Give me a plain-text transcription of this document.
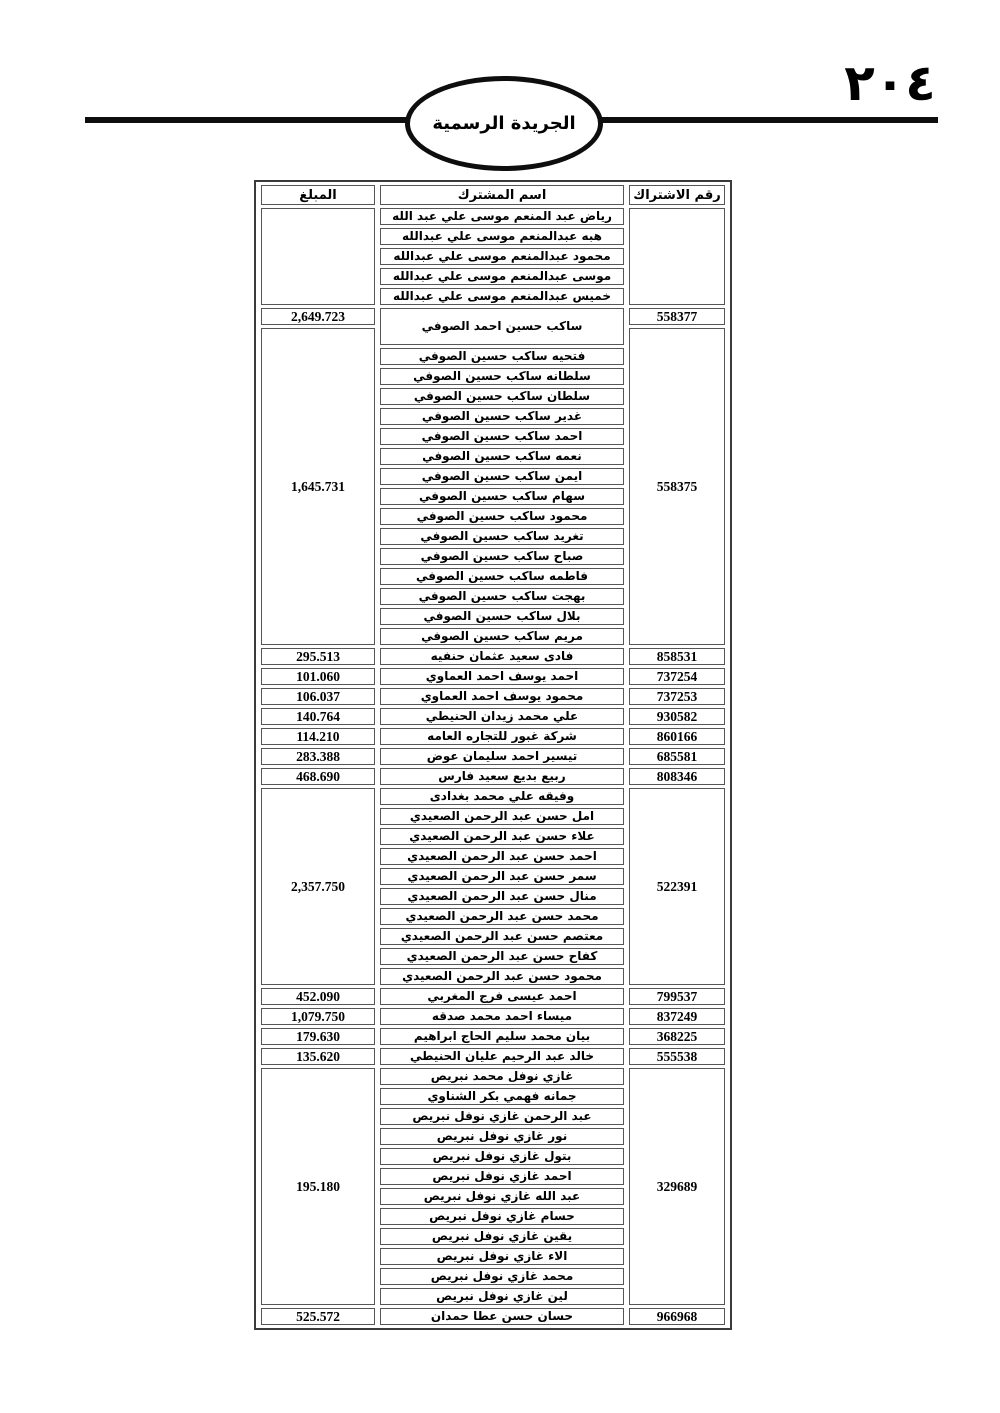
الجريدة الرسمية
٢٠٤
رقم الاشتراك	اسم المشترك	المبلغ
	رياض عبد المنعم موسى علي عبد الله	
	هبه عبدالمنعم موسى علي عبدالله	
	محمود عبدالمنعم موسى علي عبدالله	
	موسى عبدالمنعم موسى علي عبدالله	
	خميس عبدالمنعم موسى علي عبدالله	
558377	ساكب حسين احمد الصوفي	2,649.723
558375		1,645.731
	فتحيه ساكب حسين الصوفي	
	سلطانه ساكب حسين الصوفي	
	سلطان ساكب حسين الصوفي	
	غدير ساكب حسين الصوفي	
	احمد ساكب حسين الصوفي	
	نعمه ساكب حسين الصوفي	
	ايمن ساكب حسين الصوفي	
	سهام ساكب حسين الصوفي	
	محمود ساكب حسين الصوفي	
	تغريد ساكب حسين الصوفي	
	صباح ساكب حسين الصوفي	
	فاطمه ساكب حسين الصوفي	
	بهجت ساكب حسين الصوفي	
	بلال ساكب حسين الصوفي	
	مريم ساكب حسين الصوفي	
858531	فادى سعيد عثمان حنفيه	295.513
737254	احمد يوسف احمد العماوي	101.060
737253	محمود يوسف احمد العماوي	106.037
930582	علي محمد زيدان الحنيطي	140.764
860166	شركة غبور للتجاره العامه	114.210
685581	تيسير احمد سليمان عوض	283.388
808346	ربيع بديع سعيد فارس	468.690
522391	وفيقه علي محمد بغدادى	2,357.750
	امل حسن عبد الرحمن الصعيدي	
	علاء حسن عبد الرحمن الصعيدي	
	احمد حسن عبد الرحمن الصعيدي	
	سمر حسن عبد الرحمن الصعيدي	
	منال حسن عبد الرحمن الصعيدي	
	محمد حسن عبد الرحمن الصعيدي	
	معتصم حسن عبد الرحمن الصعيدي	
	كفاح حسن عبد الرحمن الصعيدي	
	محمود حسن عبد الرحمن الصعيدي	
799537	احمد عيسى فرج المغربي	452.090
837249	ميساء احمد محمد صدقه	1,079.750
368225	بيان محمد سليم الحاج ابراهيم	179.630
555538	خالد عبد الرحيم عليان الحنيطي	135.620
329689	غازي نوفل محمد نبريص	195.180
	جمانه فهمي بكر الشناوي	
	عبد الرحمن غازي نوفل نبريص	
	نور غازي نوفل نبريص	
	بتول غازي نوفل نبريص	
	احمد غازي نوفل نبريص	
	عبد الله غازي نوفل نبريص	
	حسام غازي نوفل نبريص	
	يقين غازي نوفل نبريص	
	الاء غازي نوفل نبريص	
	محمد غازي نوفل نبريص	
	لين غازي نوفل نبريص	
966968	حسان حسن عطا حمدان	525.572
